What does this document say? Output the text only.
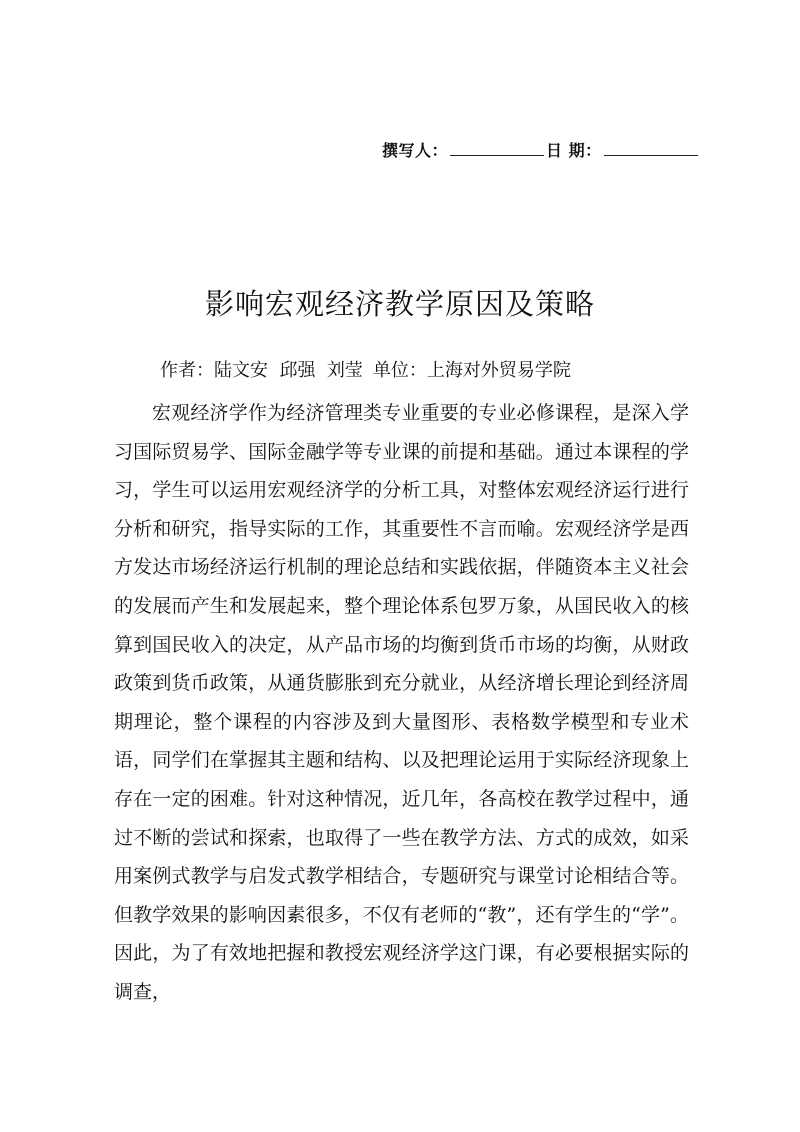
撰写人：	日 期：
影响宏观经济教学原因及策略
作者：陆文安  邱强  刘莹 单位：上海对外贸易学院

宏观经济学作为经济管理类专业重要的专业必修课程，是深入学习国际贸易学、国际金融学等专业课的前提和基础。通过本课程的学习，学生可以运用宏观经济学的分析工具，对整体宏观经济运行进行分析和研究，指导实际的工作，其重要性不言而喻。宏观经济学是西方发达市场经济运行机制的理论总结和实践依据，伴随资本主义社会的发展而产生和发展起来，整个理论体系包罗万象，从国民收入的核算到国民收入的决定，从产品市场的均衡到货币市场的均衡，从财政政策到货币政策，从通货膨胀到充分就业，从经济增长理论到经济周期理论，整个课程的内容涉及到大量图形、表格数学模型和专业术语，同学们在掌握其主题和结构、以及把理论运用于实际经济现象上存在一定的困难。针对这种情况，近几年，各高校在教学过程中，通过不断的尝试和探索，也取得了一些在教学方法、方式的成效，如采用案例式教学与启发式教学相结合，专题研究与课堂讨论相结合等。但教学效果的影响因素很多，不仅有老师的“教”，还有学生的“学”。因此，为了有效地把握和教授宏观经济学这门课，有必要根据实际的调查，
